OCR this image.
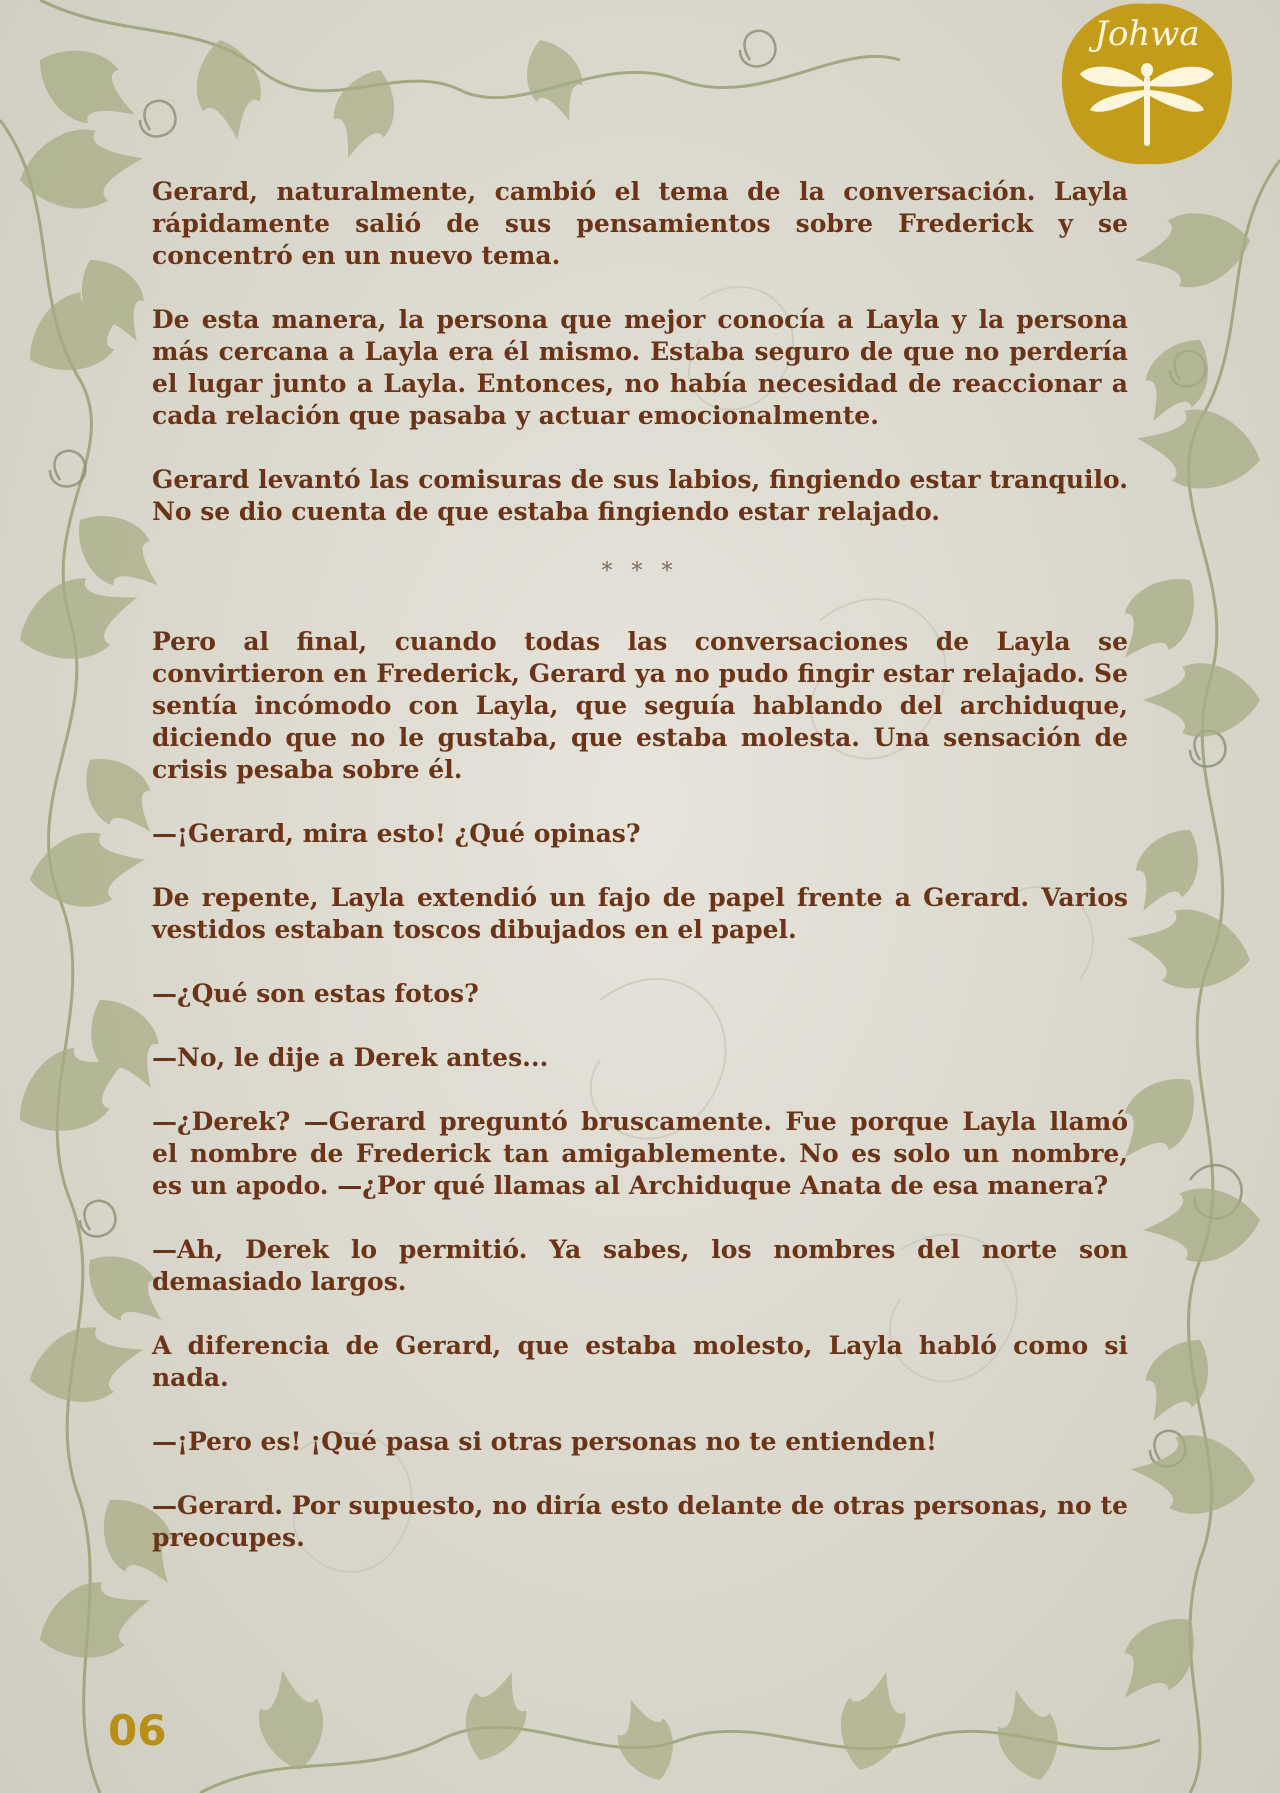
Johwa

Gerard, naturalmente, cambió el tema de la conversación. Layla rápidamente salió de sus pensamientos sobre Frederick y se concentró en un nuevo tema.

De esta manera, la persona que mejor conocía a Layla y la persona más cercana a Layla era él mismo. Estaba seguro de que no perdería el lugar junto a Layla. Entonces, no había necesidad de reaccionar a cada relación que pasaba y actuar emocionalmente.

Gerard levantó las comisuras de sus labios, fingiendo estar tranquilo. No se dio cuenta de que estaba fingiendo estar relajado.

* * *

Pero al final, cuando todas las conversaciones de Layla se convirtieron en Frederick, Gerard ya no pudo fingir estar relajado. Se sentía incómodo con Layla, que seguía hablando del archiduque, diciendo que no le gustaba, que estaba molesta. Una sensación de crisis pesaba sobre él.

—¡Gerard, mira esto! ¿Qué opinas?

De repente, Layla extendió un fajo de papel frente a Gerard. Varios vestidos estaban toscos dibujados en el papel.

—¿Qué son estas fotos?

—No, le dije a Derek antes...

—¿Derek? —Gerard preguntó bruscamente. Fue porque Layla llamó el nombre de Frederick tan amigablemente. No es solo un nombre, es un apodo. —¿Por qué llamas al Archiduque Anata de esa manera?

—Ah, Derek lo permitió. Ya sabes, los nombres del norte son demasiado largos.

A diferencia de Gerard, que estaba molesto, Layla habló como si nada.

—¡Pero es! ¡Qué pasa si otras personas no te entienden!

—Gerard. Por supuesto, no diría esto delante de otras personas, no te preocupes.

06
